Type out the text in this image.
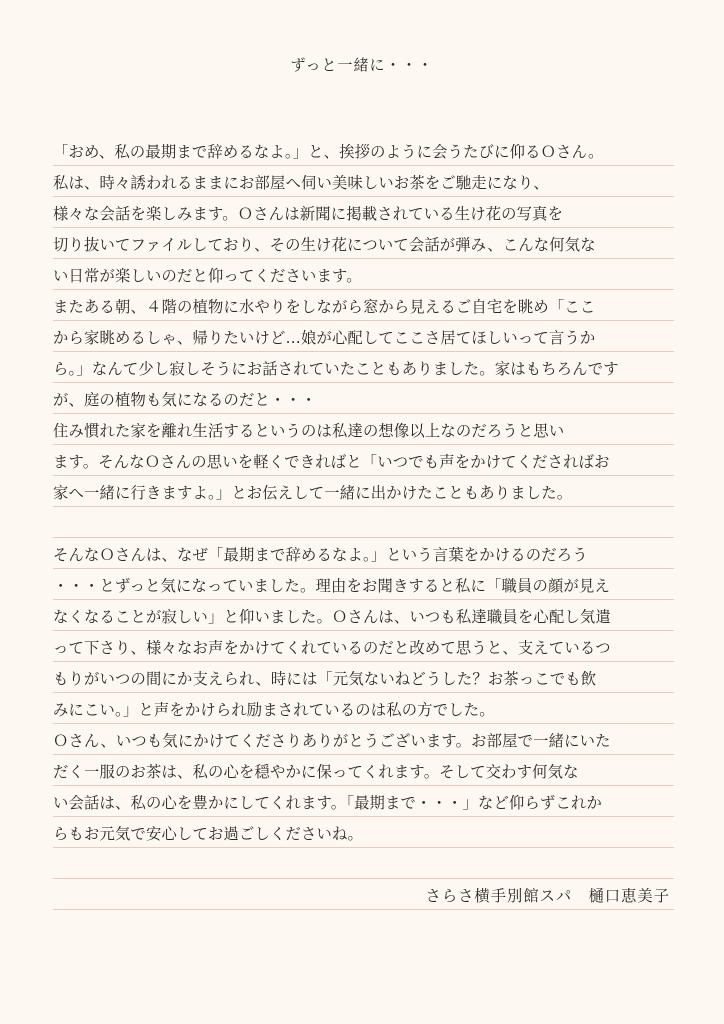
ずっと一緒に・・・
「おめ、私の最期まで辞めるなよ。」と、挨拶のように会うたびに仰るＯさん。
私は、時々誘われるままにお部屋へ伺い美味しいお茶をご馳走になり、
様々な会話を楽しみます。Ｏさんは新聞に掲載されている生け花の写真を
切り抜いてファイルしており、その生け花について会話が弾み、こんな何気な
い日常が楽しいのだと仰ってくださいます。
またある朝、４階の植物に水やりをしながら窓から見えるご自宅を眺め「ここ
から家眺めるしゃ、帰りたいけど…娘が心配してここさ居てほしいって言うか
ら。」なんて少し寂しそうにお話されていたこともありました。家はもちろんです
が、庭の植物も気になるのだと・・・
住み慣れた家を離れ生活するというのは私達の想像以上なのだろうと思い
ます。そんなＯさんの思いを軽くできればと「いつでも声をかけてくださればお
家へ一緒に行きますよ。」とお伝えして一緒に出かけたこともありました。
そんなＯさんは、なぜ「最期まで辞めるなよ。」という言葉をかけるのだろう
・・・とずっと気になっていました。理由をお聞きすると私に「職員の顔が見え
なくなることが寂しい」と仰いました。Ｏさんは、いつも私達職員を心配し気遣
って下さり、様々なお声をかけてくれているのだと改めて思うと、支えているつ
もりがいつの間にか支えられ、時には「元気ないねどうした？お茶っこでも飲
みにこい。」と声をかけられ励まされているのは私の方でした。
Ｏさん、いつも気にかけてくださりありがとうございます。お部屋で一緒にいた
だく一服のお茶は、私の心を穏やかに保ってくれます。そして交わす何気な
い会話は、私の心を豊かにしてくれます。「最期まで・・・」など仰らずこれか
らもお元気で安心してお過ごしくださいね。
さらさ横手別館スパ　樋口恵美子
